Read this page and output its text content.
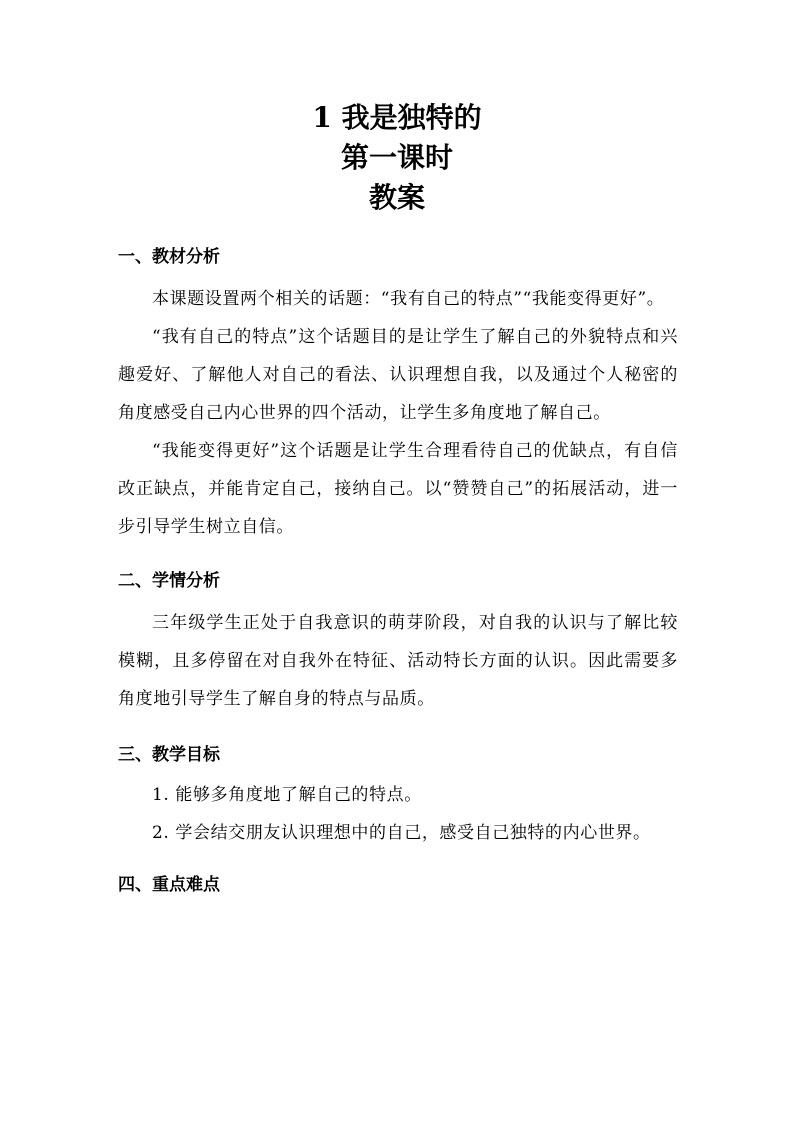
1 我是独特的

第一课时

教案

一、教材分析

本课题设置两个相关的话题：“我有自己的特点”“我能变得更好”。

“我有自己的特点”这个话题目的是让学生了解自己的外貌特点和兴趣爱好、了解他人对自己的看法、认识理想自我，以及通过个人秘密的角度感受自己内心世界的四个活动，让学生多角度地了解自己。

“我能变得更好”这个话题是让学生合理看待自己的优缺点，有自信改正缺点，并能肯定自己，接纳自己。以“赞赞自己”的拓展活动，进一步引导学生树立自信。

二、学情分析

三年级学生正处于自我意识的萌芽阶段，对自我的认识与了解比较模糊，且多停留在对自我外在特征、活动特长方面的认识。因此需要多角度地引导学生了解自身的特点与品质。

三、教学目标

1. 能够多角度地了解自己的特点。

2. 学会结交朋友认识理想中的自己，感受自己独特的内心世界。

四、重点难点
